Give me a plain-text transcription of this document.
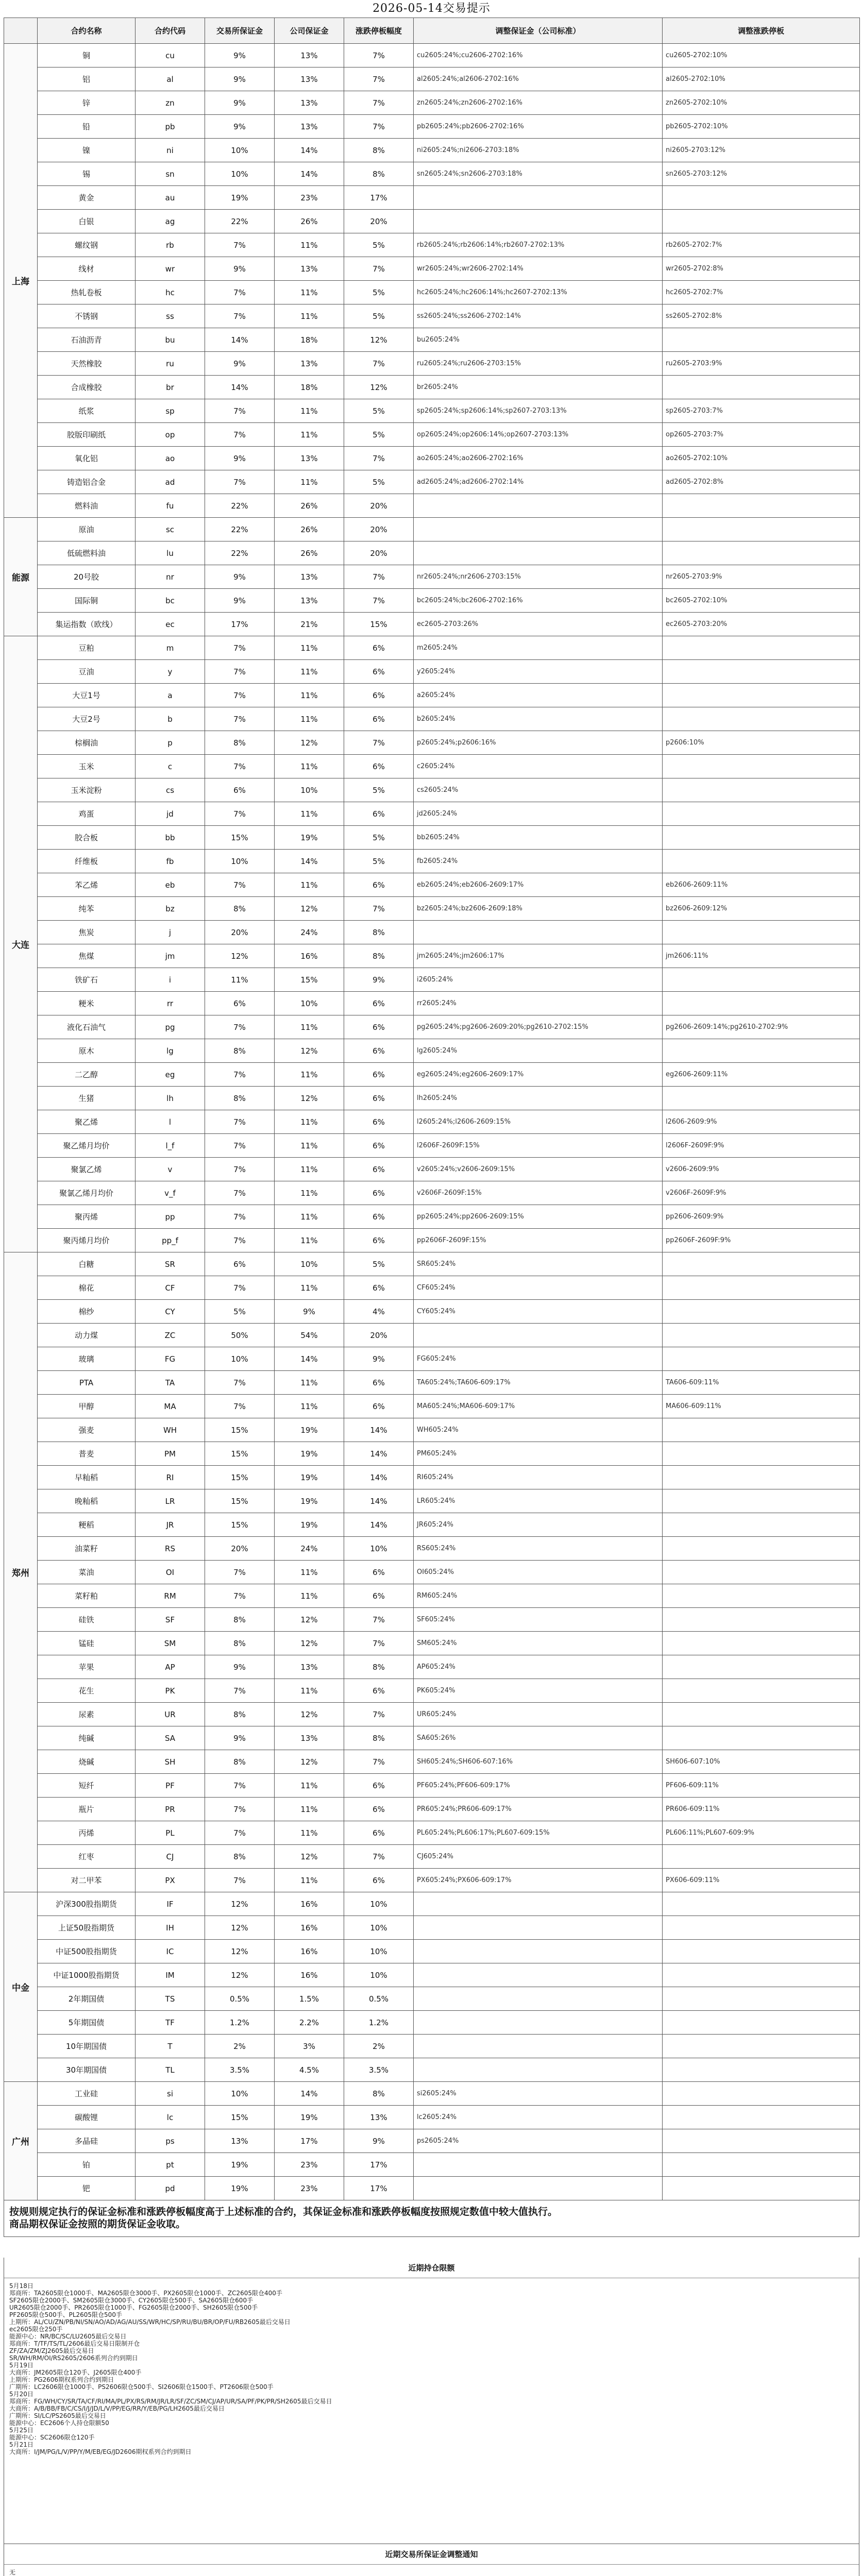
2026-05-14交易提示
	合约名称	合约代码	交易所保证金	公司保证金	涨跌停板幅度	调整保证金（公司标准）	调整涨跌停板
上海	铜	cu	9%	13%	7%	cu2605:24%;cu2606-2702:16%	cu2605-2702:10%
	铝	al	9%	13%	7%	al2605:24%;al2606-2702:16%	al2605-2702:10%
	锌	zn	9%	13%	7%	zn2605:24%;zn2606-2702:16%	zn2605-2702:10%
	铅	pb	9%	13%	7%	pb2605:24%;pb2606-2702:16%	pb2605-2702:10%
	镍	ni	10%	14%	8%	ni2605:24%;ni2606-2703:18%	ni2605-2703:12%
	锡	sn	10%	14%	8%	sn2605:24%;sn2606-2703:18%	sn2605-2703:12%
	黄金	au	19%	23%	17%		
	白银	ag	22%	26%	20%		
	螺纹钢	rb	7%	11%	5%	rb2605:24%;rb2606:14%;rb2607-2702:13%	rb2605-2702:7%
	线材	wr	9%	13%	7%	wr2605:24%;wr2606-2702:14%	wr2605-2702:8%
	热轧卷板	hc	7%	11%	5%	hc2605:24%;hc2606:14%;hc2607-2702:13%	hc2605-2702:7%
	不锈钢	ss	7%	11%	5%	ss2605:24%;ss2606-2702:14%	ss2605-2702:8%
	石油沥青	bu	14%	18%	12%	bu2605:24%	
	天然橡胶	ru	9%	13%	7%	ru2605:24%;ru2606-2703:15%	ru2605-2703:9%
	合成橡胶	br	14%	18%	12%	br2605:24%	
	纸浆	sp	7%	11%	5%	sp2605:24%;sp2606:14%;sp2607-2703:13%	sp2605-2703:7%
	胶版印刷纸	op	7%	11%	5%	op2605:24%;op2606:14%;op2607-2703:13%	op2605-2703:7%
	氧化铝	ao	9%	13%	7%	ao2605:24%;ao2606-2702:16%	ao2605-2702:10%
	铸造铝合金	ad	7%	11%	5%	ad2605:24%;ad2606-2702:14%	ad2605-2702:8%
	燃料油	fu	22%	26%	20%		
能源	原油	sc	22%	26%	20%		
	低硫燃料油	lu	22%	26%	20%		
	20号胶	nr	9%	13%	7%	nr2605:24%;nr2606-2703:15%	nr2605-2703:9%
	国际铜	bc	9%	13%	7%	bc2605:24%;bc2606-2702:16%	bc2605-2702:10%
	集运指数（欧线）	ec	17%	21%	15%	ec2605-2703:26%	ec2605-2703:20%
大连	豆粕	m	7%	11%	6%	m2605:24%	
	豆油	y	7%	11%	6%	y2605:24%	
	大豆1号	a	7%	11%	6%	a2605:24%	
	大豆2号	b	7%	11%	6%	b2605:24%	
	棕榈油	p	8%	12%	7%	p2605:24%;p2606:16%	p2606:10%
	玉米	c	7%	11%	6%	c2605:24%	
	玉米淀粉	cs	6%	10%	5%	cs2605:24%	
	鸡蛋	jd	7%	11%	6%	jd2605:24%	
	胶合板	bb	15%	19%	5%	bb2605:24%	
	纤维板	fb	10%	14%	5%	fb2605:24%	
	苯乙烯	eb	7%	11%	6%	eb2605:24%;eb2606-2609:17%	eb2606-2609:11%
	纯苯	bz	8%	12%	7%	bz2605:24%;bz2606-2609:18%	bz2606-2609:12%
	焦炭	j	20%	24%	8%		
	焦煤	jm	12%	16%	8%	jm2605:24%;jm2606:17%	jm2606:11%
	铁矿石	i	11%	15%	9%	i2605:24%	
	粳米	rr	6%	10%	6%	rr2605:24%	
	液化石油气	pg	7%	11%	6%	pg2605:24%;pg2606-2609:20%;pg2610-2702:15%	pg2606-2609:14%;pg2610-2702:9%
	原木	lg	8%	12%	6%	lg2605:24%	
	二乙醇	eg	7%	11%	6%	eg2605:24%;eg2606-2609:17%	eg2606-2609:11%
	生猪	lh	8%	12%	6%	lh2605:24%	
	聚乙烯	l	7%	11%	6%	l2605:24%;l2606-2609:15%	l2606-2609:9%
	聚乙烯月均价	l_f	7%	11%	6%	l2606F-2609F:15%	l2606F-2609F:9%
	聚氯乙烯	v	7%	11%	6%	v2605:24%;v2606-2609:15%	v2606-2609:9%
	聚氯乙烯月均价	v_f	7%	11%	6%	v2606F-2609F:15%	v2606F-2609F:9%
	聚丙烯	pp	7%	11%	6%	pp2605:24%;pp2606-2609:15%	pp2606-2609:9%
	聚丙烯月均价	pp_f	7%	11%	6%	pp2606F-2609F:15%	pp2606F-2609F:9%
郑州	白糖	SR	6%	10%	5%	SR605:24%	
	棉花	CF	7%	11%	6%	CF605:24%	
	棉纱	CY	5%	9%	4%	CY605:24%	
	动力煤	ZC	50%	54%	20%		
	玻璃	FG	10%	14%	9%	FG605:24%	
	PTA	TA	7%	11%	6%	TA605:24%;TA606-609:17%	TA606-609:11%
	甲醇	MA	7%	11%	6%	MA605:24%;MA606-609:17%	MA606-609:11%
	强麦	WH	15%	19%	14%	WH605:24%	
	普麦	PM	15%	19%	14%	PM605:24%	
	早籼稻	RI	15%	19%	14%	RI605:24%	
	晚籼稻	LR	15%	19%	14%	LR605:24%	
	粳稻	JR	15%	19%	14%	JR605:24%	
	油菜籽	RS	20%	24%	10%	RS605:24%	
	菜油	OI	7%	11%	6%	OI605:24%	
	菜籽粕	RM	7%	11%	6%	RM605:24%	
	硅铁	SF	8%	12%	7%	SF605:24%	
	锰硅	SM	8%	12%	7%	SM605:24%	
	苹果	AP	9%	13%	8%	AP605:24%	
	花生	PK	7%	11%	6%	PK605:24%	
	尿素	UR	8%	12%	7%	UR605:24%	
	纯碱	SA	9%	13%	8%	SA605:26%	
	烧碱	SH	8%	12%	7%	SH605:24%;SH606-607:16%	SH606-607:10%
	短纤	PF	7%	11%	6%	PF605:24%;PF606-609:17%	PF606-609:11%
	瓶片	PR	7%	11%	6%	PR605:24%;PR606-609:17%	PR606-609:11%
	丙烯	PL	7%	11%	6%	PL605:24%;PL606:17%;PL607-609:15%	PL606:11%;PL607-609:9%
	红枣	CJ	8%	12%	7%	CJ605:24%	
	对二甲苯	PX	7%	11%	6%	PX605:24%;PX606-609:17%	PX606-609:11%
中金	沪深300股指期货	IF	12%	16%	10%		
	上证50股指期货	IH	12%	16%	10%		
	中证500股指期货	IC	12%	16%	10%		
	中证1000股指期货	IM	12%	16%	10%		
	2年期国债	TS	0.5%	1.5%	0.5%		
	5年期国债	TF	1.2%	2.2%	1.2%		
	10年期国债	T	2%	3%	2%		
	30年期国债	TL	3.5%	4.5%	3.5%		
广州	工业硅	si	10%	14%	8%	si2605:24%	
	碳酸锂	lc	15%	19%	13%	lc2605:24%	
	多晶硅	ps	13%	17%	9%	ps2605:24%	
	铂	pt	19%	23%	17%		
	钯	pd	19%	23%	17%		
按规则规定执行的保证金标准和涨跌停板幅度高于上述标准的合约，其保证金标准和涨跌停板幅度按照规定数值中较大值执行。
商品期权保证金按照的期货保证金收取。
近期持仓限额
5月18日
郑商所：TA2605限仓1000手、MA2605限仓3000手、PX2605限仓1000手、ZC2605限仓400手
SF2605限仓2000手、SM2605限仓3000手、CY2605限仓500手、SA2605限仓600手
UR2605限仓2000手、PR2605限仓1000手、FG2605限仓2000手、SH2605限仓500手
PF2605限仓500手、PL2605限仓500手
上期所：AL/CU/ZN/PB/NI/SN/AO/AD/AG/AU/SS/WR/HC/SP/RU/BU/BR/OP/FU/RB2605最后交易日
ec2605限仓250手
能源中心：NR/BC/SC/LU2605最后交易日
郑商所：T/TF/TS/TL/2606最后交易日限制开仓
ZF/ZA/ZM/ZJ2605最后交易日
SR/WH/RM/OI/RS2605/2606系列合约到期日
5月19日
大商所：JM2605限仓120手、J2605限仓400手
上期所：PG2606期权系列合约到期日
广期所：LC2606限仓1000手、PS2606限仓500手、SI2606限仓1500手、PT2606限仓500手
5月20日
郑商所：FG/WH/CY/SR/TA/CF/RI/MA/PL/PX/RS/RM/JR/LR/SF/ZC/SM/CJ/AP/UR/SA/PF/PK/PR/SH2605最后交易日
大商所：A/B/BB/FB/C/CS/I/J/JD/L/V/PP/EG/RR/Y/EB/PG/LH2605最后交易日
广期所：SI/LC/PS2605最后交易日
能源中心：EC2606个人持仓限额50
5月25日
能源中心：SC2606限仓120手
5月21日
大商所：I/JM/PG/L/V/PP/Y/M/EB/EG/JD2606期权系列合约到期日
近期交易所保证金调整通知
无
